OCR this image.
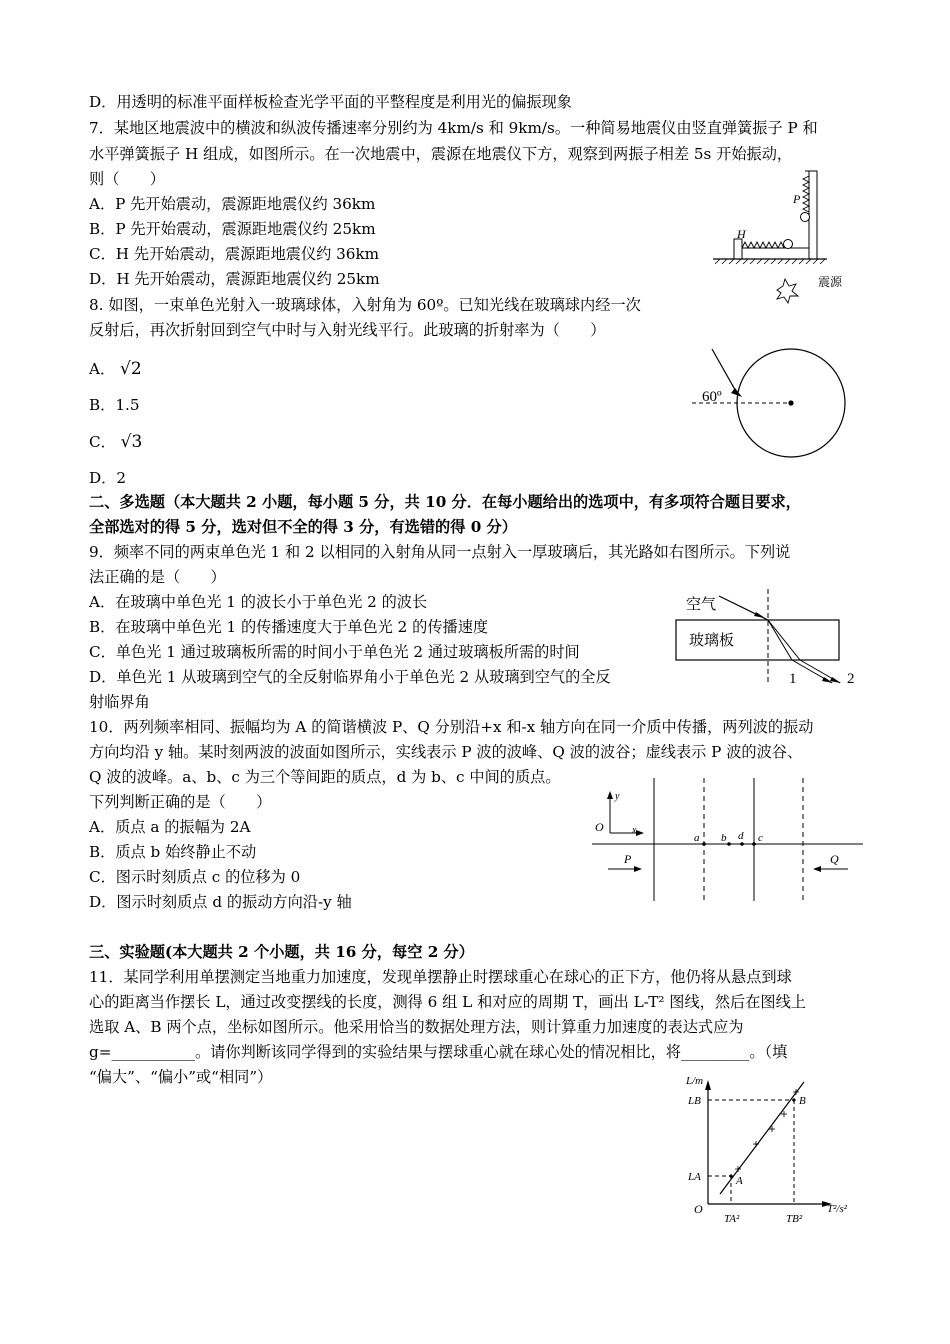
D．用透明的标准平面样板检查光学平面的平整程度是利用光的偏振现象
7．某地区地震波中的横波和纵波传播速率分别约为 4km/s 和 9km/s。一种简易地震仪由竖直弹簧振子 P 和
水平弹簧振子 H 组成，如图所示。在一次地震中，震源在地震仪下方，观察到两振子相差 5s 开始振动，
则（　　）
A．P 先开始震动，震源距地震仪约 36km
B．P 先开始震动，震源距地震仪约 25km
C．H 先开始震动，震源距地震仪约 36km
D．H 先开始震动，震源距地震仪约 25km
P
H
震源
8. 如图，一束单色光射入一玻璃球体，入射角为 60º。已知光线在玻璃球内经一次
反射后，再次折射回到空气中时与入射光线平行。此玻璃的折射率为（　　）
A． √2
B．1.5
C． √3
D．2
60º
二、多选题（本大题共 2 小题，每小题 5 分，共 10 分．在每小题给出的选项中，有多项符合题目要求，
全部选对的得 5 分，选对但不全的得 3 分，有选错的得 0 分）
9．频率不同的两束单色光 1 和 2 以相同的入射角从同一点射入一厚玻璃后，其光路如右图所示。下列说
法正确的是（　　）
A．在玻璃中单色光 1 的波长小于单色光 2 的波长
B．在玻璃中单色光 1 的传播速度大于单色光 2 的传播速度
C．单色光 1 通过玻璃板所需的时间小于单色光 2 通过玻璃板所需的时间
D．单色光 1 从玻璃到空气的全反射临界角小于单色光 2 从玻璃到空气的全反
射临界角
空气
玻璃板
1	2
10．两列频率相同、振幅均为 A 的简谐横波 P、Q 分别沿+x 和-x 轴方向在同一介质中传播，两列波的振动
方向均沿 y 轴。某时刻两波的波面如图所示，实线表示 P 波的波峰、Q 波的波谷；虚线表示 P 波的波谷、
Q 波的波峰。a、b、c 为三个等间距的质点，d 为 b、c 中间的质点。
下列判断正确的是（　　）
A．质点 a 的振幅为 2A
B．质点 b 始终静止不动
C．图示时刻质点 c 的位移为 0
D．图示时刻质点 d 的振动方向沿-y 轴
y
O	x
a b d c
P	Q
三、实验题(本大题共 2 个小题，共 16 分，每空 2 分）
11．某同学利用单摆测定当地重力加速度，发现单摆静止时摆球重心在球心的正下方，他仍将从悬点到球
心的距离当作摆长 L，通过改变摆线的长度，测得 6 组 L 和对应的周期 T，画出 L-T² 图线，然后在图线上
选取 A、B 两个点，坐标如图所示。他采用恰当的数据处理方法，则计算重力加速度的表达式应为
g=___________。请你判断该同学得到的实验结果与摆球重心就在球心处的情况相比，将_________。（填
“偏大”、“偏小”或“相同”）	L/m
LB
LA
O	T²/s²
TA²	TB²
A
B
